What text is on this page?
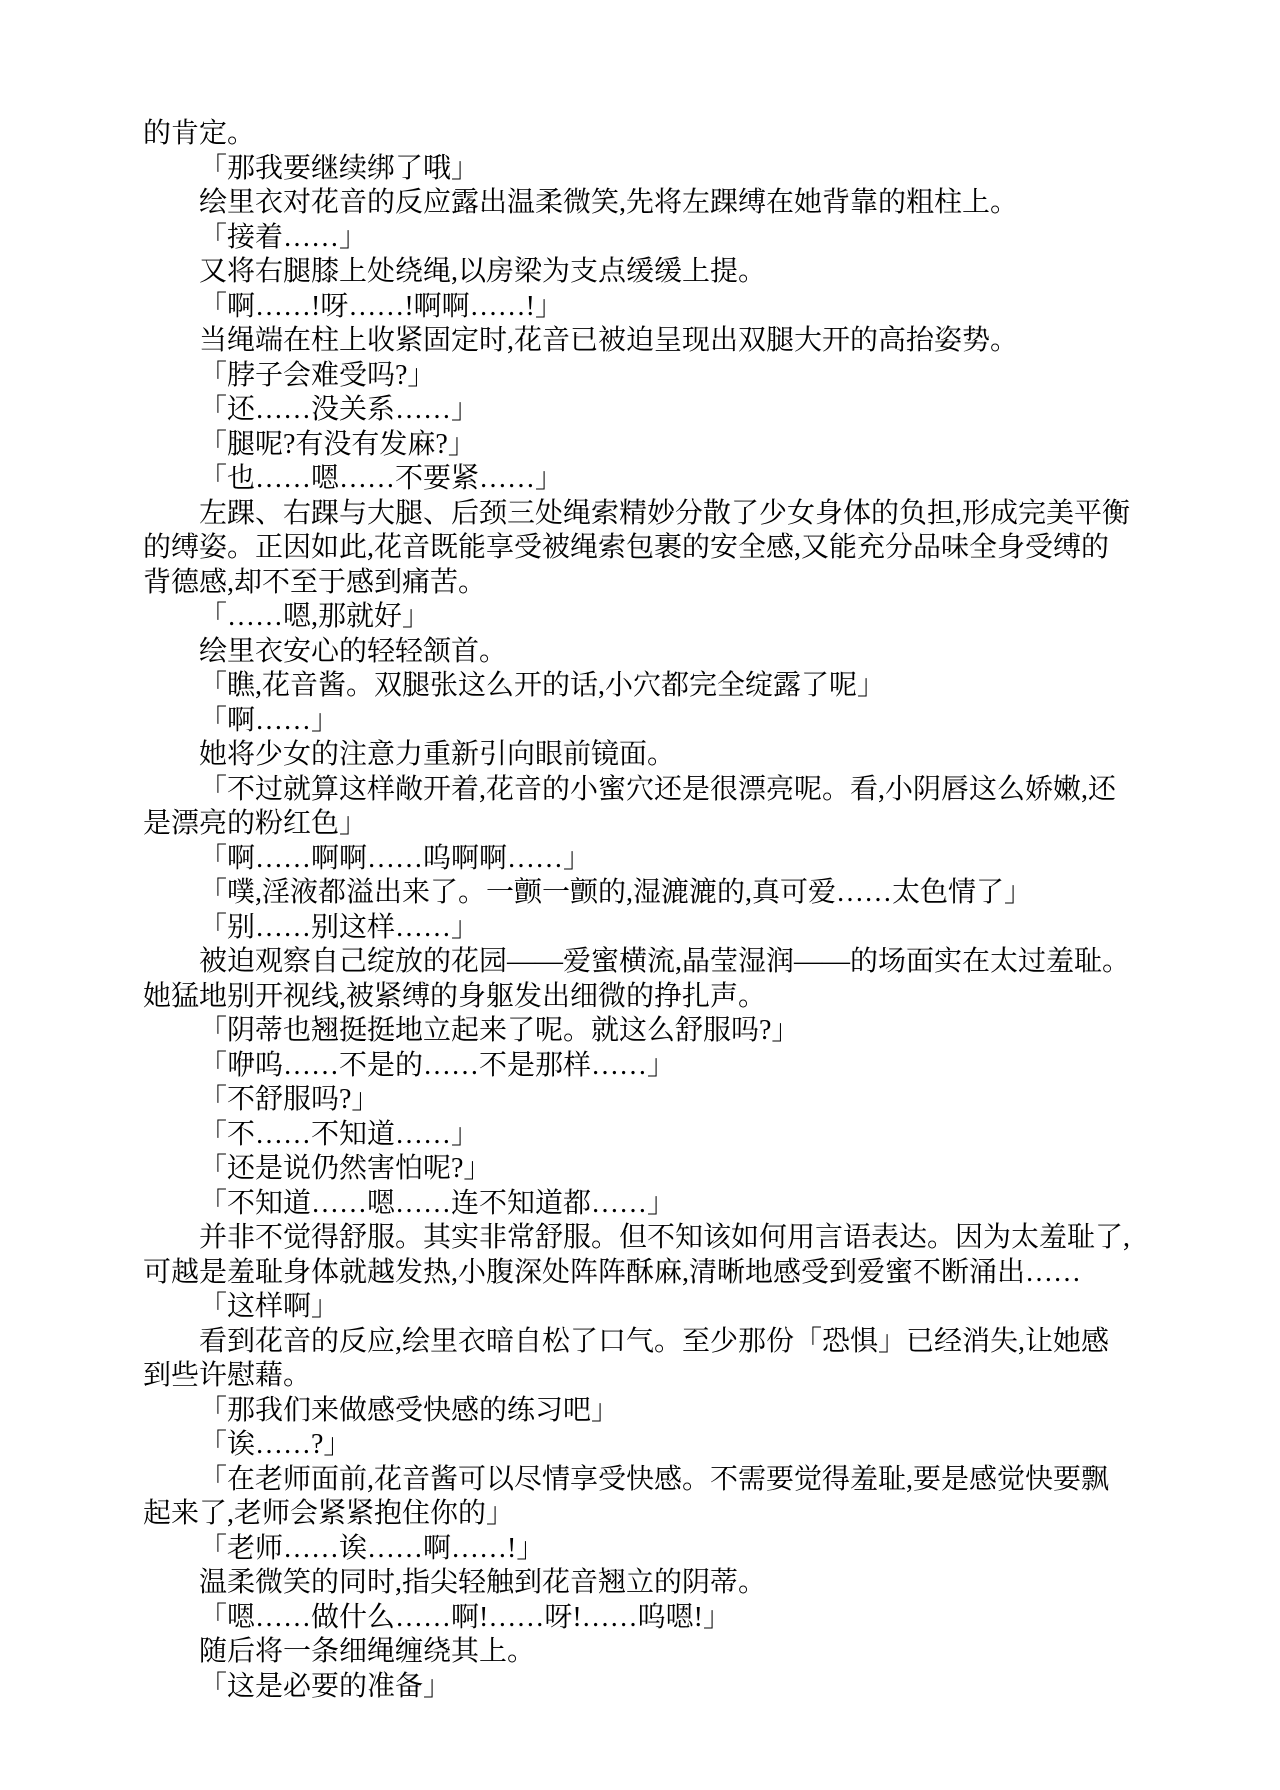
的肯定。
「那我要继续绑了哦」
绘里衣对花音的反应露出温柔微笑,先将左踝缚在她背靠的粗柱上。
「接着……」
又将右腿膝上处绕绳,以房梁为支点缓缓上提。
「啊……!呀……!啊啊……!」
当绳端在柱上收紧固定时,花音已被迫呈现出双腿大开的高抬姿势。
「脖子会难受吗?」
「还……没关系……」
「腿呢?有没有发麻?」
「也……嗯……不要紧……」
左踝、右踝与大腿、后颈三处绳索精妙分散了少女身体的负担,形成完美平衡
的缚姿。正因如此,花音既能享受被绳索包裹的安全感,又能充分品味全身受缚的
背德感,却不至于感到痛苦。
「……嗯,那就好」
绘里衣安心的轻轻颔首。
「瞧,花音酱。双腿张这么开的话,小穴都完全绽露了呢」
「啊……」
她将少女的注意力重新引向眼前镜面。
「不过就算这样敞开着,花音的小蜜穴还是很漂亮呢。看,小阴唇这么娇嫩,还
是漂亮的粉红色」
「啊……啊啊……呜啊啊……」
「噗,淫液都溢出来了。一颤一颤的,湿漉漉的,真可爱……太色情了」
「别……别这样……」
被迫观察自己绽放的花园——爱蜜横流,晶莹湿润——的场面实在太过羞耻。
她猛地别开视线,被紧缚的身躯发出细微的挣扎声。
「阴蒂也翘挺挺地立起来了呢。就这么舒服吗?」
「咿呜……不是的……不是那样……」
「不舒服吗?」
「不……不知道……」
「还是说仍然害怕呢?」
「不知道……嗯……连不知道都……」
并非不觉得舒服。其实非常舒服。但不知该如何用言语表达。因为太羞耻了,
可越是羞耻身体就越发热,小腹深处阵阵酥麻,清晰地感受到爱蜜不断涌出……
「这样啊」
看到花音的反应,绘里衣暗自松了口气。至少那份「恐惧」已经消失,让她感
到些许慰藉。
「那我们来做感受快感的练习吧」
「诶……?」
「在老师面前,花音酱可以尽情享受快感。不需要觉得羞耻,要是感觉快要飘
起来了,老师会紧紧抱住你的」
「老师……诶……啊……!」
温柔微笑的同时,指尖轻触到花音翘立的阴蒂。
「嗯……做什么……啊!……呀!……呜嗯!」
随后将一条细绳缠绕其上。
「这是必要的准备」
